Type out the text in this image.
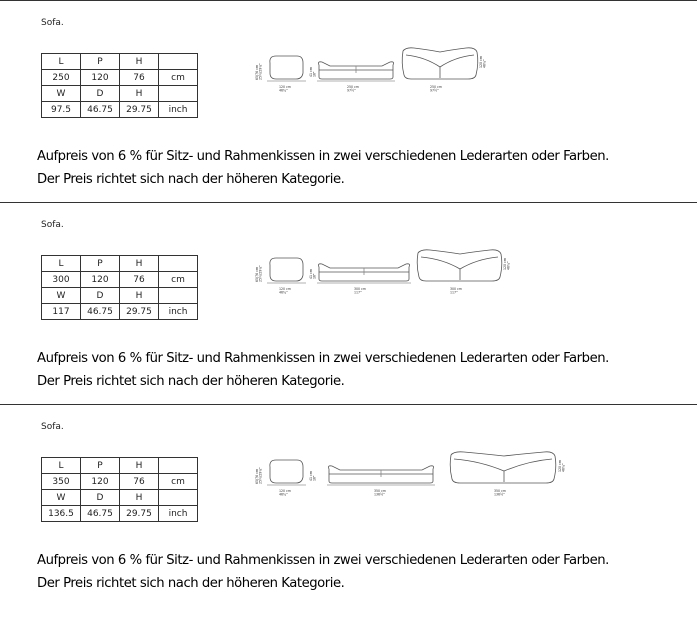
Sofa.
L	P	H	
250	120	76	cm
W	D	H	
97.5	46.75	29.75	inch
65/76 cm25½/29¾"	41 cm16"
120 cm 46¾"
250 cm 97½"
250 cm 97½"
120 cm46¾"
Aufpreis von 6 % für Sitz- und Rahmenkissen in zwei verschiedenen Lederarten oder Farben.
Der Preis richtet sich nach der höheren Kategorie.
Sofa.
L	P	H	
300	120	76	cm
W	D	H	
117	46.75	29.75	inch
65/76 cm25½/29¾"	41 cm16"
120 cm 46¾"
300 cm 117"
300 cm 117"
120 cm46¾"
Aufpreis von 6 % für Sitz- und Rahmenkissen in zwei verschiedenen Lederarten oder Farben.
Der Preis richtet sich nach der höheren Kategorie.
Sofa.
L	P	H	
350	120	76	cm
W	D	H	
136.5	46.75	29.75	inch
65/76 cm25½/29¾"	41 cm16"
120 cm 46¾"
350 cm 136½"
350 cm 136½"
120 cm46¾"
Aufpreis von 6 % für Sitz- und Rahmenkissen in zwei verschiedenen Lederarten oder Farben.
Der Preis richtet sich nach der höheren Kategorie.
